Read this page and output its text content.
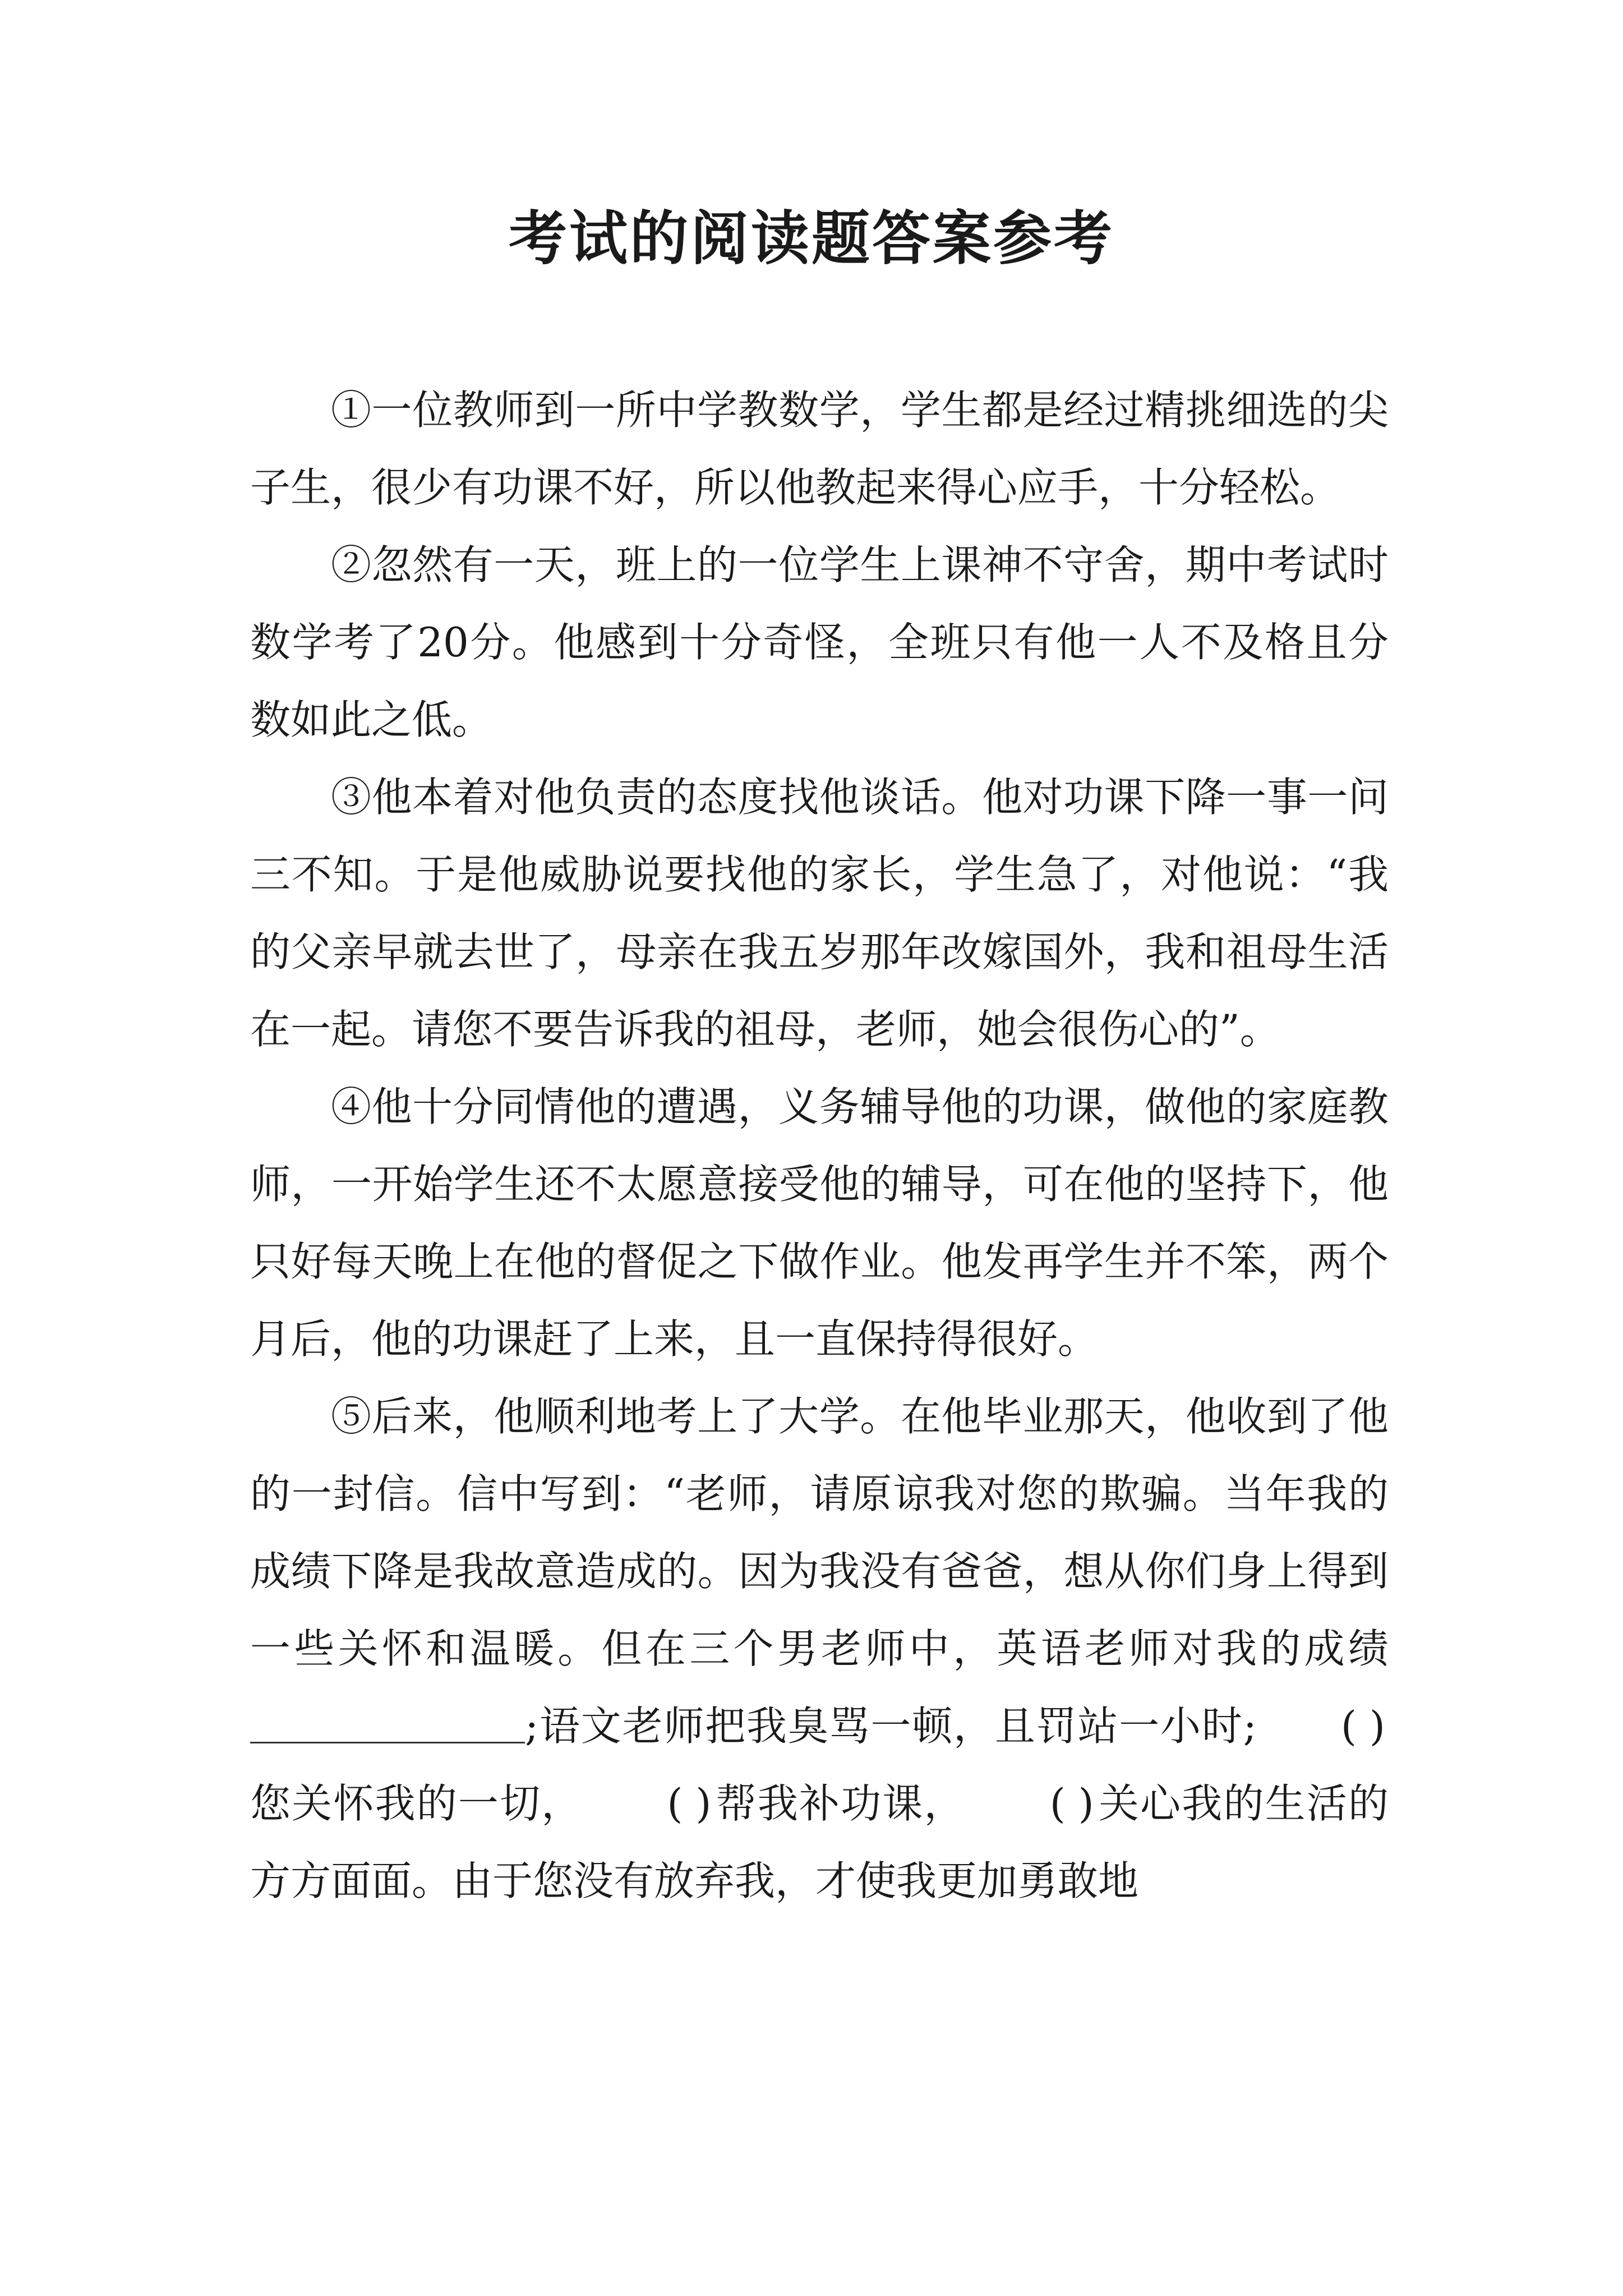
考试的阅读题答案参考

①一位教师到一所中学教数学，学生都是经过精挑细选的尖子生，很少有功课不好，所以他教起来得心应手，十分轻松。

②忽然有一天，班上的一位学生上课神不守舍，期中考试时数学考了20分。他感到十分奇怪，全班只有他一人不及格且分数如此之低。

③他本着对他负责的态度找他谈话。他对功课下降一事一问三不知。于是他威胁说要找他的家长，学生急了，对他说：“我的父亲早就去世了，母亲在我五岁那年改嫁国外，我和祖母生活在一起。请您不要告诉我的祖母，老师，她会很伤心的”。

④他十分同情他的遭遇，义务辅导他的功课，做他的家庭教师，一开始学生还不太愿意接受他的辅导，可在他的坚持下，他只好每天晚上在他的督促之下做作业。他发再学生并不笨，两个月后，他的功课赶了上来，且一直保持得很好。

⑤后来，他顺利地考上了大学。在他毕业那天，他收到了他的一封信。信中写到：“老师，请原谅我对您的欺骗。当年我的成绩下降是我故意造成的。因为我没有爸爸，想从你们身上得到一些关怀和温暖。但在三个男老师中，英语老师对我的成绩;语文老师把我臭骂一顿，且罚站一小时; ( )您关怀我的一切， ( )帮我补功课， ( )关心我的生活的方方面面。由于您没有放弃我，才使我更加勇敢地
